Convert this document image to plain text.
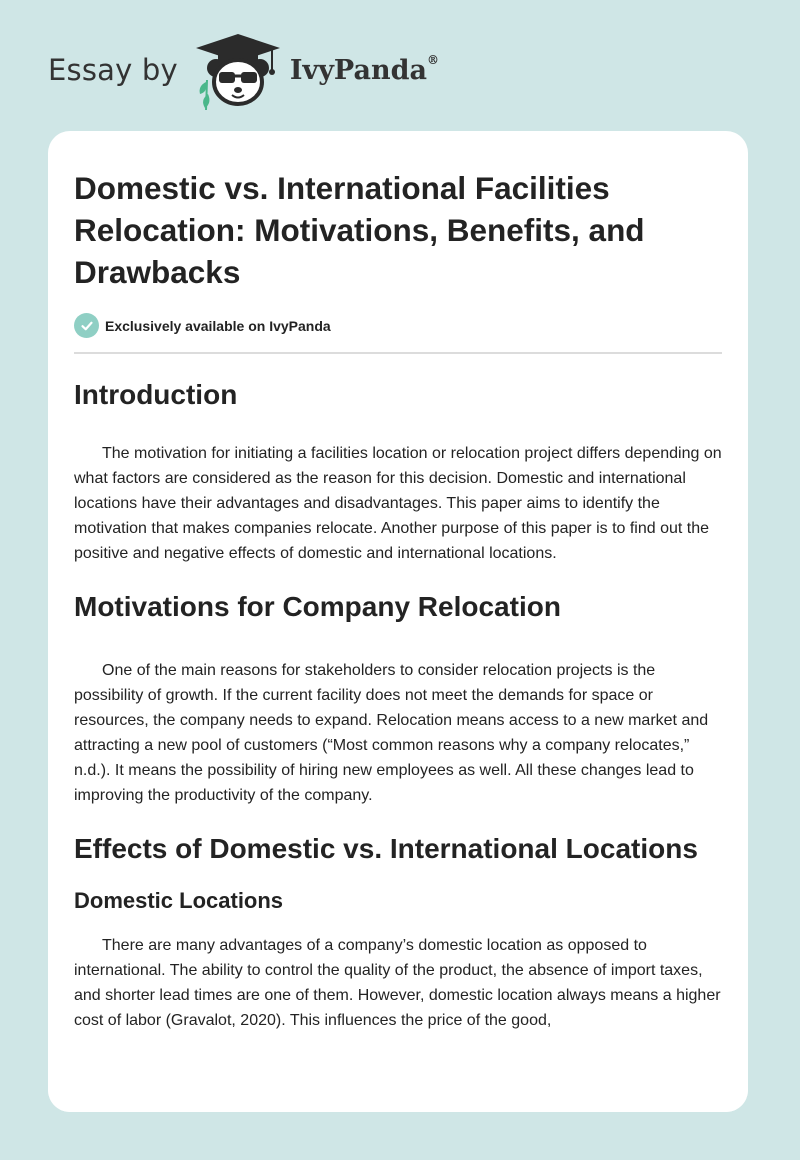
Essay by	IvyPanda®
Domestic vs. International Facilities Relocation: Motivations, Benefits, and Drawbacks
Exclusively available on IvyPanda
Introduction

The motivation for initiating a facilities location or relocation project differs depending on what factors are considered as the reason for this decision. Domestic and international locations have their advantages and disadvantages. This paper aims to identify the motivation that makes companies relocate. Another purpose of this paper is to find out the positive and negative effects of domestic and international locations.

Motivations for Company Relocation

One of the main reasons for stakeholders to consider relocation projects is the possibility of growth. If the current facility does not meet the demands for space or resources, the company needs to expand. Relocation means access to a new market and attracting a new pool of customers (“Most common reasons why a company relocates,” n.d.). It means the possibility of hiring new employees as well. All these changes lead to improving the productivity of the company.

Effects of Domestic vs. International Locations
Domestic Locations

There are many advantages of a company’s domestic location as opposed to international. The ability to control the quality of the product, the absence of import taxes, and shorter lead times are one of them. However, domestic location always means a higher cost of labor (Gravalot, 2020). This influences the price of the good,
